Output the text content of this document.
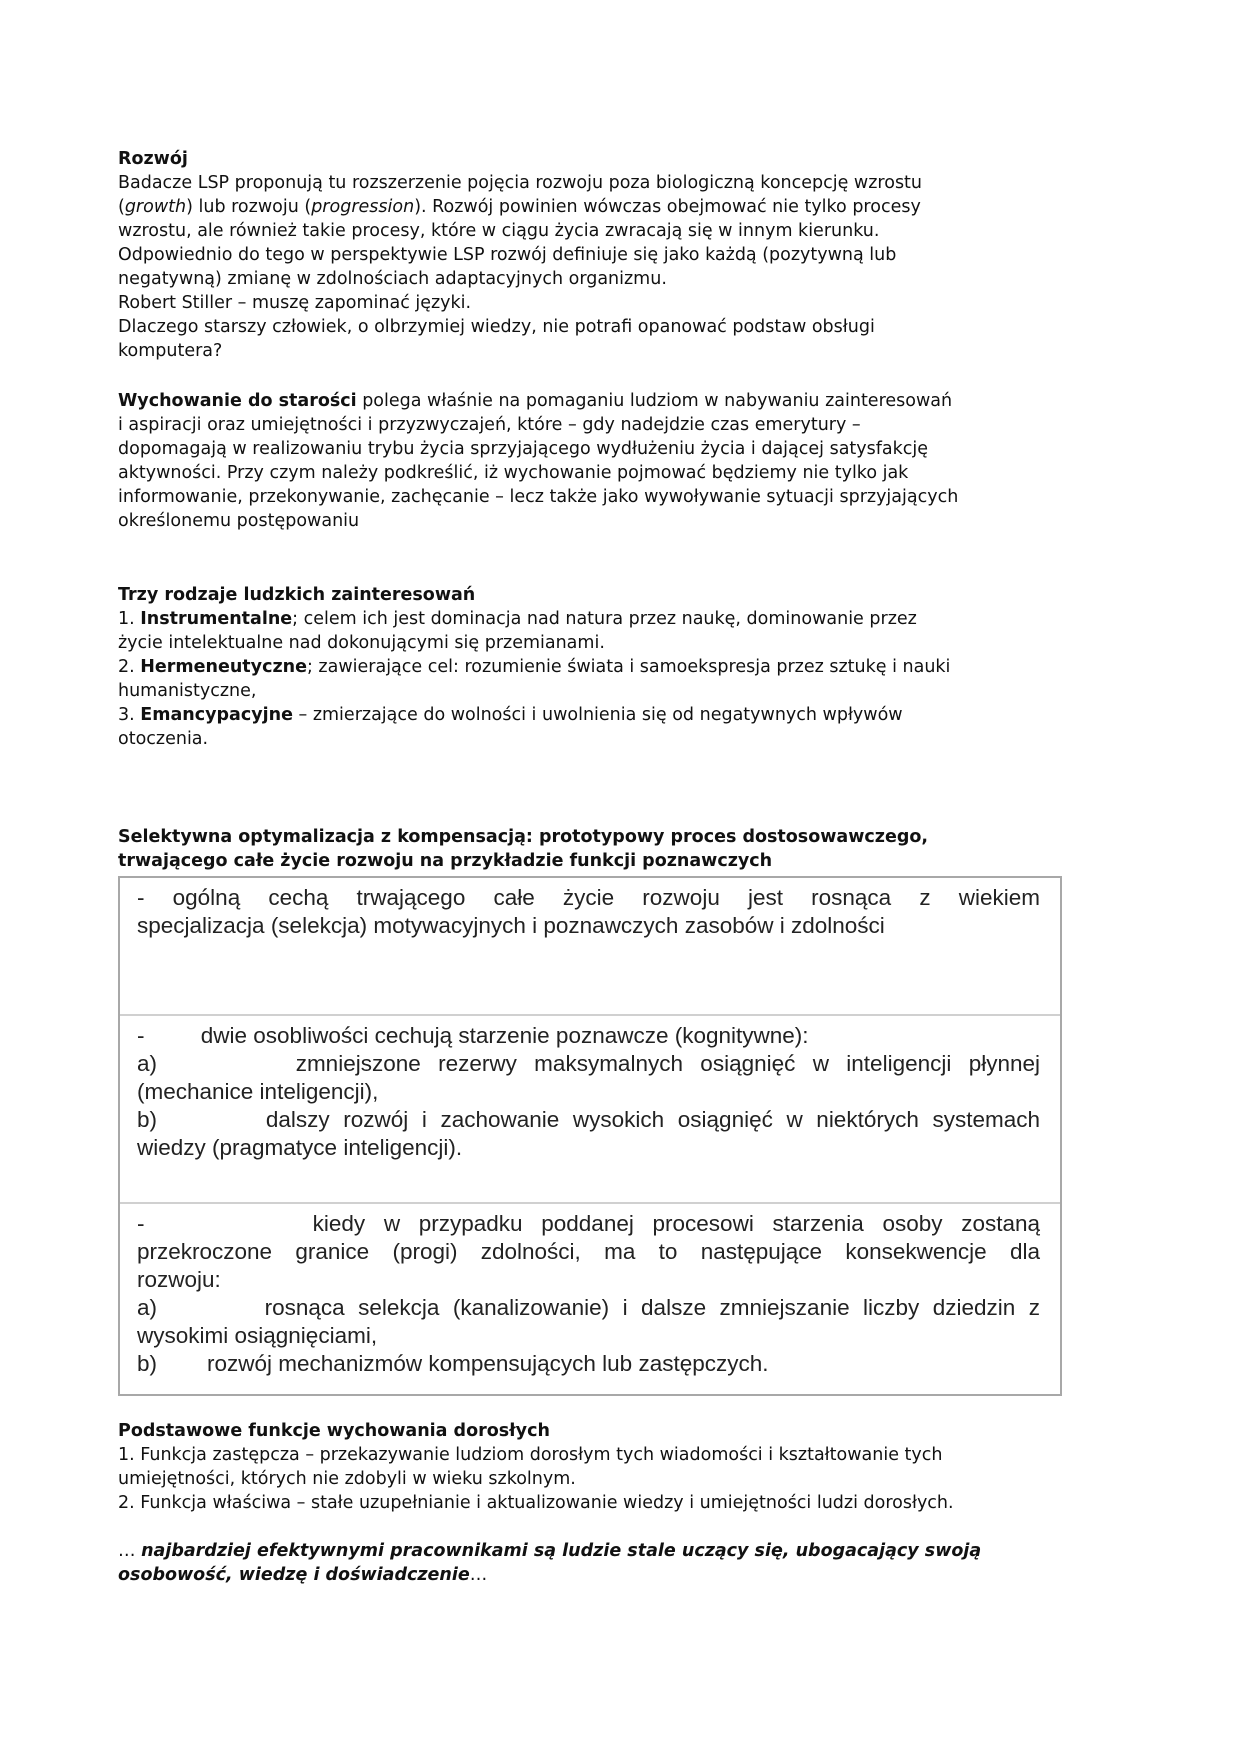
Rozwój
Badacze LSP proponują tu rozszerzenie pojęcia rozwoju poza biologiczną koncepcję wzrostu
(growth) lub rozwoju (progression). Rozwój powinien wówczas obejmować nie tylko procesy
wzrostu, ale również takie procesy, które w ciągu życia zwracają się w innym kierunku.
Odpowiednio do tego w perspektywie LSP rozwój definiuje się jako każdą (pozytywną lub
negatywną) zmianę w zdolnościach adaptacyjnych organizmu.
Robert Stiller – muszę zapominać języki.
Dlaczego starszy człowiek, o olbrzymiej wiedzy, nie potrafi opanować podstaw obsługi
komputera?
Wychowanie do starości polega właśnie na pomaganiu ludziom w nabywaniu zainteresowań
i aspiracji oraz umiejętności i przyzwyczajeń, które – gdy nadejdzie czas emerytury –
dopomagają w realizowaniu trybu życia sprzyjającego wydłużeniu życia i dającej satysfakcję
aktywności. Przy czym należy podkreślić, iż wychowanie pojmować będziemy nie tylko jak
informowanie, przekonywanie, zachęcanie – lecz także jako wywoływanie sytuacji sprzyjających
określonemu postępowaniu
Trzy rodzaje ludzkich zainteresowań
1. Instrumentalne; celem ich jest dominacja nad natura przez naukę, dominowanie przez
życie intelektualne nad dokonującymi się przemianami.
2. Hermeneutyczne; zawierające cel: rozumienie świata i samoekspresja przez sztukę i nauki
humanistyczne,
3. Emancypacyjne – zmierzające do wolności i uwolnienia się od negatywnych wpływów
otoczenia.
Selektywna optymalizacja z kompensacją: prototypowy proces dostosowawczego,
trwającego całe życie rozwoju na przykładzie funkcji poznawczych
Podstawowe funkcje wychowania dorosłych
1. Funkcja zastępcza – przekazywanie ludziom dorosłym tych wiadomości i kształtowanie tych
umiejętności, których nie zdobyli w wieku szkolnym.
2. Funkcja właściwa – stałe uzupełnianie i aktualizowanie wiedzy i umiejętności ludzi dorosłych.
… najbardziej efektywnymi pracownikami są ludzie stale uczący się, ubogacający swoją
osobowość, wiedzę i doświadczenie…
- ogólną cechą trwającego całe życie rozwoju jest rosnąca z wiekiem
specjalizacja (selekcja) motywacyjnych i poznawczych zasobów i zdolności
-         dwie osobliwości cechują starzenie poznawcze (kognitywne):
a)        zmniejszone rezerwy maksymalnych osiągnięć w inteligencji płynnej
(mechanice inteligencji),
b)        dalszy rozwój i zachowanie wysokich osiągnięć w niektórych systemach
wiedzy (pragmatyce inteligencji).
-         kiedy w przypadku poddanej procesowi starzenia osoby zostaną
przekroczone granice (progi) zdolności, ma to następujące konsekwencje dla
rozwoju:
a)        rosnąca selekcja (kanalizowanie) i dalsze zmniejszanie liczby dziedzin z
wysokimi osiągnięciami,
b)        rozwój mechanizmów kompensujących lub zastępczych.
